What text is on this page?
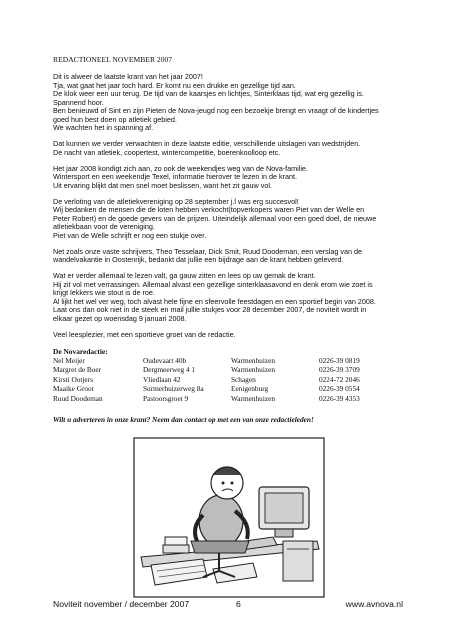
REDACTIONEEL NOVEMBER 2007

Dit is alweer de laatste krant van het jaar 2007!
Tja, wat gaat het jaar toch hard. Er komt nu een drukke en gezellige tijd aan.
De klok weer een uur terug. De tijd van de kaarsjes en lichtjes, Sinterklaas tijd, wat erg gezellig is.
Spannend hoor.
Ben benieuwd of Sint en zijn Pieten de Nova-jeugd nog een bezoekje brengt en vraagt of de kindertjes
goed hun best doen op atletiek gebied.
We wachten het in spanning af.

Dat kunnen we verder verwachten in deze laatste editie, verschillende uitslagen van wedstrijden.
De nacht van atletiek, coopertest, wintercompetitie, boerenkoolloop etc.

Het jaar 2008 kondigt zich aan, zo ook de weekendjes weg van de Nova-familie.
Wintersport en een weekendje Texel, informatie hierover te lezen in de krant.
Uit ervaring blijkt dat men snel moet beslissen, want het zit gauw vol.

De verloting van de atletiekvereniging op 28 september j.l was erg succesvol!
Wij bedanken de mensen die de loten hebben verkocht(topverkopers waren Piet van der Welle en
Peter Robert) en de goede gevers van de prijzen. Uiteindelijk allemaal voor een goed doel, de nieuwe
atletiekbaan voor de vereniging.
Piet van de Welle schrijft er nog een stukje over.

Net zoals onze vaste schrijvers, Theo Tesselaar, Dick Smit, Ruud Doodeman, een verslag van de
wandelvakantie in Oostenrijk, bedankt dat jullie een bijdrage aan de krant hebben geleverd.

Wat er verder allemaal te lezen valt, ga gauw zitten en lees op uw gemak de krant.
Hij zit vol met verrassingen. Allemaal alvast een gezellige sinterklaasavond en denk erom wie zoet is
krijgt lekkers wie stout is de roe.
Al lijkt het wel ver weg, toch alvast hele fijne en sfeervolle feestdagen en een sportief begin van 2008.
Laat ons dan ook niet in de steek en mail jullie stukjes voor 28 december 2007, de noviteit wordt in
elkaar gezet op woensdag 9 januari 2008.

Veel leesplezier, met een sportieve groet van de redactie.

De Novaredactie:
Nel Meijer	Oudevaart 40b	Warmenhuizen	0226-39 0819
Margret de Boer	Dergmeerweg 4 1	Warmenhuizen	0226-39 3709
Kirsti Ootjers	Vliedlaan 42	Schagen	0224-72 2046
Maaike Groot	Surmerhuizerweg 8a	Eenigenburg	0226-39 0554
Ruud Doodeman	Pastoorsgroet 9	Warmenhuizen	0226-39 4353
Wilt u adverteren in onze krant? Neem dan contact op met een van onze redactieleden!
Noviteit november / december 2007	6	www.avnova.nl
